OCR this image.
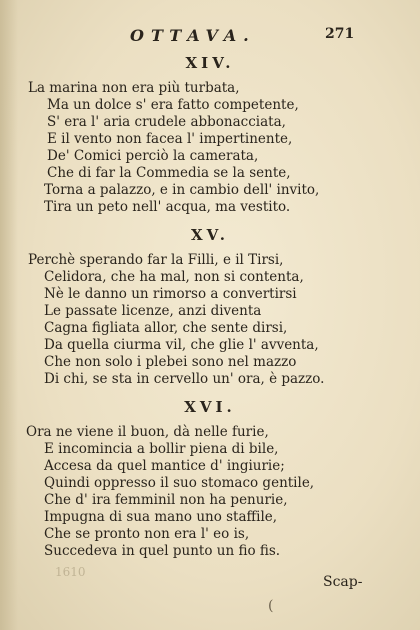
OTTAVA.	271
XIV.
La marina non era più turbata,
Ma un dolce s' era fatto competente,
S' era l' aria crudele abbonacciata,
E il vento non facea l' impertinente,
De' Comici perciò la camerata,
Che di far la Commedia se la sente,
Torna a palazzo, e in cambio dell' invito,
Tira un peto nell' acqua, ma vestito.
XV.
Perchè sperando far la Filli, e il Tirsi,
Celidora, che ha mal, non si contenta,
Nè le danno un rimorso a convertirsi
Le passate licenze, anzi diventa
Cagna figliata allor, che sente dirsi,
Da quella ciurma vil, che glie l' avventa,
Che non solo i plebei sono nel mazzo
Di chi, se sta in cervello un' ora, è pazzo.
XVI.
Ora ne viene il buon, dà nelle furie,
E incomincia a bollir piena di bile,
Accesa da quel mantice d' ingiurie;
Quindi oppresso il suo stomaco gentile,
Che d' ira femminil non ha penurie,
Impugna di sua mano uno staffile,
Che se pronto non era l' eo is,
Succedeva in quel punto un fio fis.
1610
Scap-
(
